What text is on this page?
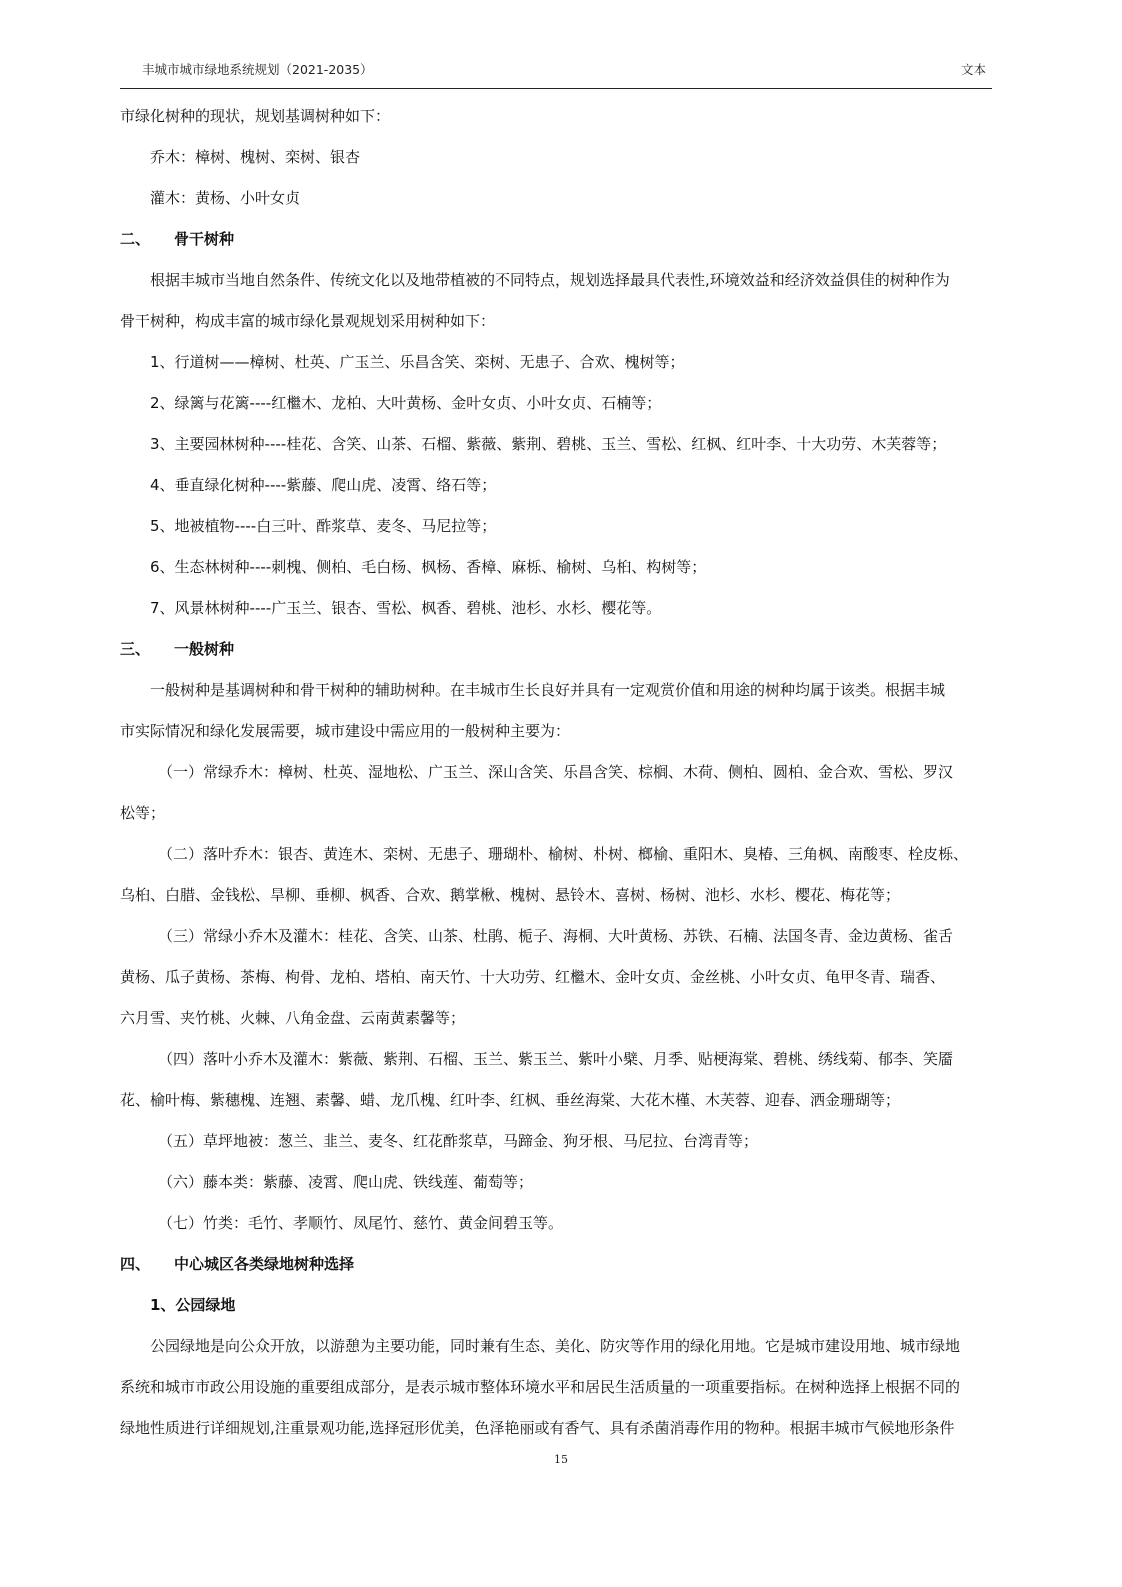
丰城市城市绿地系统规划（2021-2035）	文本
市绿化树种的现状，规划基调树种如下：
乔木：樟树、槐树、栾树、银杏
灌木：黄杨、小叶女贞
二、 骨干树种
根据丰城市当地自然条件、传统文化以及地带植被的不同特点，规划选择最具代表性,环境效益和经济效益俱佳的树种作为
骨干树种，构成丰富的城市绿化景观规划采用树种如下：
1、行道树——樟树、杜英、广玉兰、乐昌含笑、栾树、无患子、合欢、槐树等；
2、绿篱与花篱----红檵木、龙柏、大叶黄杨、金叶女贞、小叶女贞、石楠等；
3、主要园林树种----桂花、含笑、山茶、石榴、紫薇、紫荆、碧桃、玉兰、雪松、红枫、红叶李、十大功劳、木芙蓉等；
4、垂直绿化树种----紫藤、爬山虎、凌霄、络石等；
5、地被植物----白三叶、酢浆草、麦冬、马尼拉等；
6、生态林树种----刺槐、侧柏、毛白杨、枫杨、香樟、麻栎、榆树、乌桕、构树等；
7、风景林树种----广玉兰、银杏、雪松、枫香、碧桃、池杉、水杉、樱花等。
三、 一般树种
一般树种是基调树种和骨干树种的辅助树种。在丰城市生长良好并具有一定观赏价值和用途的树种均属于该类。根据丰城
市实际情况和绿化发展需要，城市建设中需应用的一般树种主要为：
（一）常绿乔木：樟树、杜英、湿地松、广玉兰、深山含笑、乐昌含笑、棕榈、木荷、侧柏、圆柏、金合欢、雪松、罗汉
松等；
（二）落叶乔木：银杏、黄连木、栾树、无患子、珊瑚朴、榆树、朴树、榔榆、重阳木、臭椿、三角枫、南酸枣、栓皮栎、
乌桕、白腊、金钱松、旱柳、垂柳、枫香、合欢、鹅掌楸、槐树、悬铃木、喜树、杨树、池杉、水杉、樱花、梅花等；
（三）常绿小乔木及灌木：桂花、含笑、山茶、杜鹃、栀子、海桐、大叶黄杨、苏铁、石楠、法国冬青、金边黄杨、雀舌
黄杨、瓜子黄杨、茶梅、枸骨、龙柏、塔柏、南天竹、十大功劳、红檵木、金叶女贞、金丝桃、小叶女贞、龟甲冬青、瑞香、
六月雪、夹竹桃、火棘、八角金盘、云南黄素馨等；
（四）落叶小乔木及灌木：紫薇、紫荆、石榴、玉兰、紫玉兰、紫叶小檗、月季、贴梗海棠、碧桃、绣线菊、郁李、笑靥
花、榆叶梅、紫穗槐、连翘、素馨、蜡、龙爪槐、红叶李、红枫、垂丝海棠、大花木槿、木芙蓉、迎春、洒金珊瑚等；
（五）草坪地被：葱兰、韭兰、麦冬、红花酢浆草，马蹄金、狗牙根、马尼拉、台湾青等；
（六）藤本类：紫藤、凌霄、爬山虎、铁线莲、葡萄等；
（七）竹类：毛竹、孝顺竹、凤尾竹、慈竹、黄金间碧玉等。
四、 中心城区各类绿地树种选择
1、公园绿地
公园绿地是向公众开放，以游憩为主要功能，同时兼有生态、美化、防灾等作用的绿化用地。它是城市建设用地、城市绿地
系统和城市市政公用设施的重要组成部分，是表示城市整体环境水平和居民生活质量的一项重要指标。在树种选择上根据不同的
绿地性质进行详细规划,注重景观功能,选择冠形优美，色泽艳丽或有香气、具有杀菌消毒作用的物种。根据丰城市气候地形条件
15
